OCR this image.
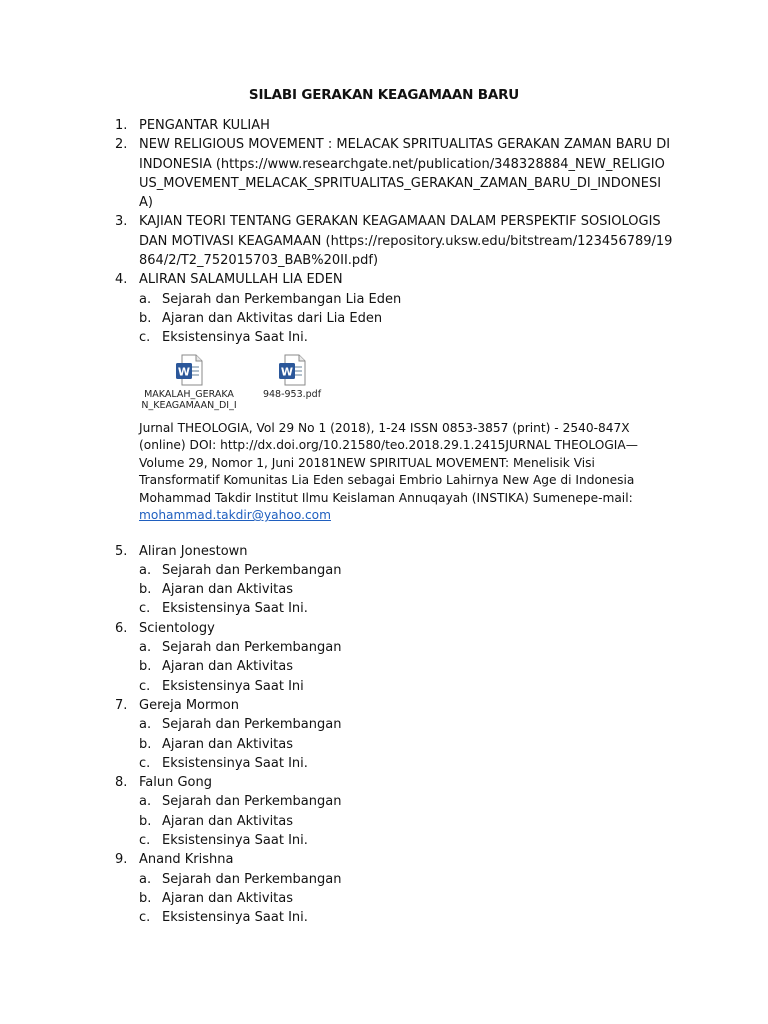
SILABI GERAKAN KEAGAMAAN BARU
1. PENGANTAR KULIAH
2. NEW RELIGIOUS MOVEMENT : MELACAK SPRITUALITAS GERAKAN ZAMAN BARU DI INDONESIA (https://www.researchgate.net/publication/348328884_NEW_RELIGIOUS_MOVEMENT_MELACAK_SPRITUALITAS_GERAKAN_ZAMAN_BARU_DI_INDONESIA)
3. KAJIAN TEORI TENTANG GERAKAN KEAGAMAAN DALAM PERSPEKTIF SOSIOLOGIS DAN MOTIVASI KEAGAMAAN (https://repository.uksw.edu/bitstream/123456789/19864/2/T2_752015703_BAB%20II.pdf)
4. ALIRAN SALAMULLAH LIA EDEN
a. Sejarah dan Perkembangan Lia Eden
b. Ajaran dan Aktivitas dari Lia Eden
c. Eksistensinya Saat Ini.
W
MAKALAH_GERAKA
N_KEAGAMAAN_DI_I
W
948-953.pdf
Jurnal THEOLOGIA, Vol 29 No 1 (2018), 1-24 ISSN 0853-3857 (print) - 2540-847X (online) DOI: http://dx.doi.org/10.21580/teo.2018.29.1.2415JURNAL THEOLOGIA—Volume 29, Nomor 1, Juni 20181NEW SPIRITUAL MOVEMENT: Menelisik Visi Transformatif Komunitas Lia Eden sebagai Embrio Lahirnya New Age di Indonesia Mohammad Takdir Institut Ilmu Keislaman Annuqayah (INSTIKA) Sumenepe-mail: mohammad.takdir@yahoo.com
5. Aliran Jonestown
a. Sejarah dan Perkembangan
b. Ajaran dan Aktivitas
c. Eksistensinya Saat Ini.
6. Scientology
a. Sejarah dan Perkembangan
b. Ajaran dan Aktivitas
c. Eksistensinya Saat Ini
7. Gereja Mormon
a. Sejarah dan Perkembangan
b. Ajaran dan Aktivitas
c. Eksistensinya Saat Ini.
8. Falun Gong
a. Sejarah dan Perkembangan
b. Ajaran dan Aktivitas
c. Eksistensinya Saat Ini.
9. Anand Krishna
a. Sejarah dan Perkembangan
b. Ajaran dan Aktivitas
c. Eksistensinya Saat Ini.
